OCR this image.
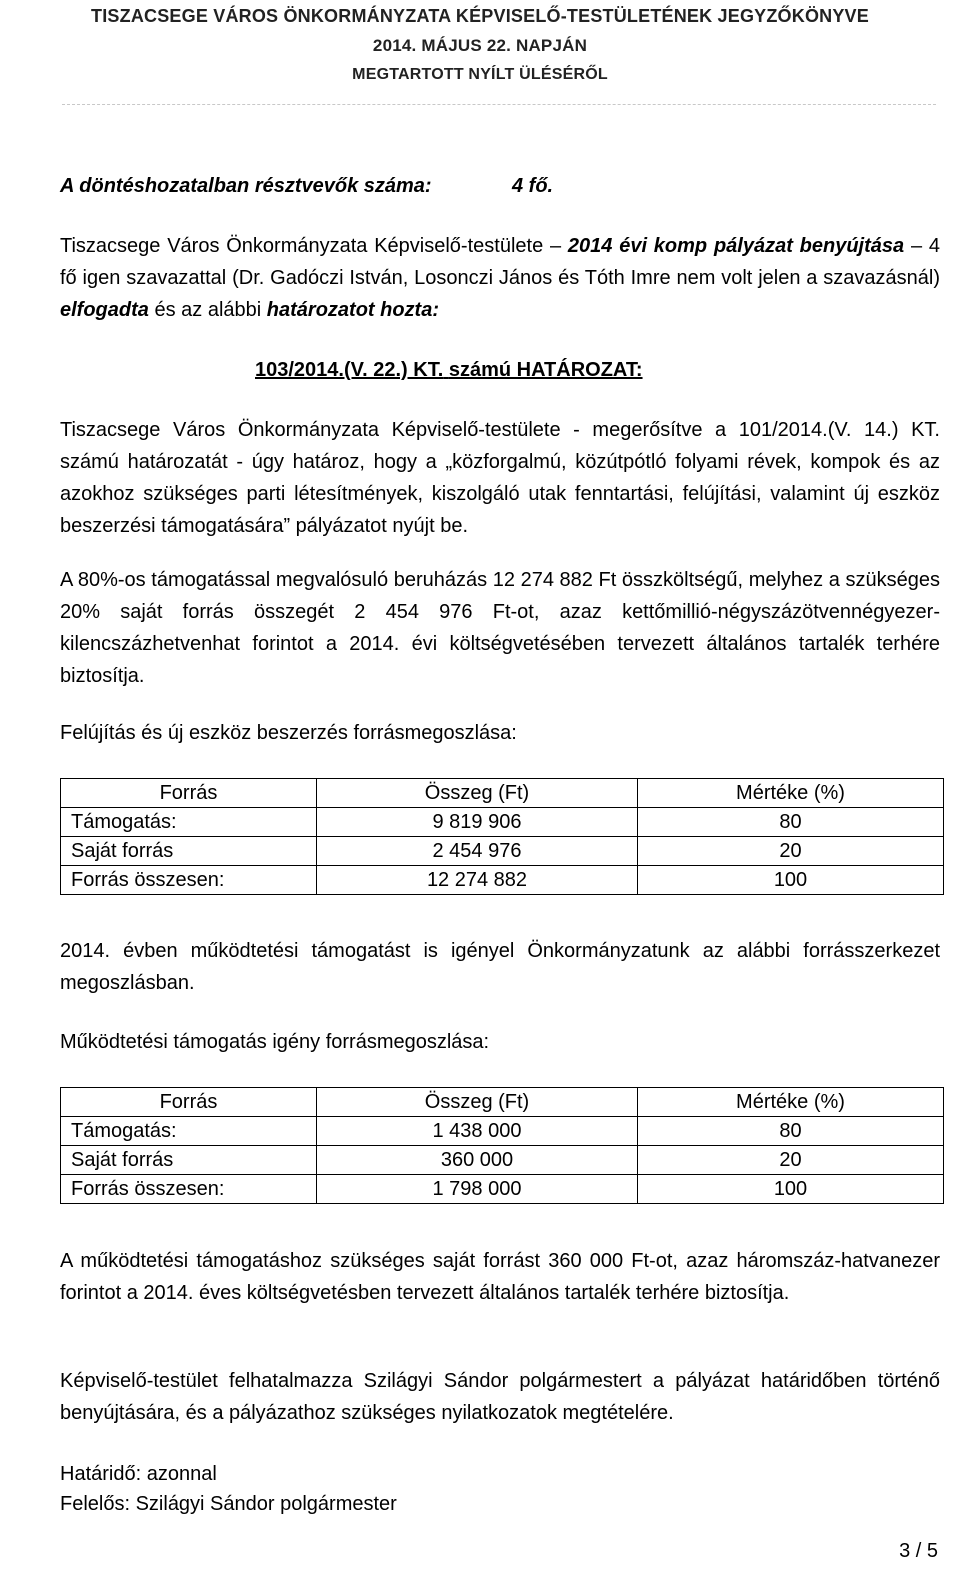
TISZACSEGE VÁROS ÖNKORMÁNYZATA KÉPVISELŐ-TESTÜLETÉNEK JEGYZŐKÖNYVE
2014. MÁJUS 22. NAPJÁN
MEGTARTOTT NYÍLT ÜLÉSÉRŐL
A döntéshozatalban résztvevők száma:	4 fő.
Tiszacsege Város Önkormányzata Képviselő-testülete – 2014 évi komp pályázat benyújtása – 4 fő igen szavazattal (Dr. Gadóczi István, Losonczi János és Tóth Imre nem volt jelen a szavazásnál) elfogadta és az alábbi határozatot hozta:
103/2014.(V. 22.) KT. számú HATÁROZAT:
Tiszacsege Város Önkormányzata Képviselő-testülete - megerősítve a 101/2014.(V. 14.) KT. számú határozatát - úgy határoz, hogy a „közforgalmú, közútpótló folyami révek, kompok és az azokhoz szükséges parti létesítmények, kiszolgáló utak fenntartási, felújítási, valamint új eszköz beszerzési támogatására” pályázatot nyújt be.
A 80%-os támogatással megvalósuló beruházás 12 274 882 Ft összköltségű, melyhez a szükséges 20% saját forrás összegét 2 454 976 Ft-ot, azaz kettőmillió-négyszázötvennégyezer- kilencszázhetvenhat forintot a 2014. évi költségvetésében tervezett általános tartalék terhére biztosítja.
Felújítás és új eszköz beszerzés forrásmegoszlása:
Forrás	Összeg (Ft)	Mértéke (%)
Támogatás:	9 819 906	80
Saját forrás	2 454 976	20
Forrás összesen:	12 274 882	100
2014. évben működtetési támogatást is igényel Önkormányzatunk az alábbi forrásszerkezet megoszlásban.
Működtetési támogatás igény forrásmegoszlása:
Forrás	Összeg (Ft)	Mértéke (%)
Támogatás:	1 438 000	80
Saját forrás	360 000	20
Forrás összesen:	1 798 000	100
A működtetési támogatáshoz szükséges saját forrást 360 000 Ft-ot, azaz háromszáz-hatvanezer forintot a 2014. éves költségvetésben tervezett általános tartalék terhére biztosítja.
Képviselő-testület felhatalmazza Szilágyi Sándor polgármestert a pályázat határidőben történő benyújtására, és a pályázathoz szükséges nyilatkozatok megtételére.
Határidő: azonnal
Felelős: Szilágyi Sándor polgármester
3 / 5
